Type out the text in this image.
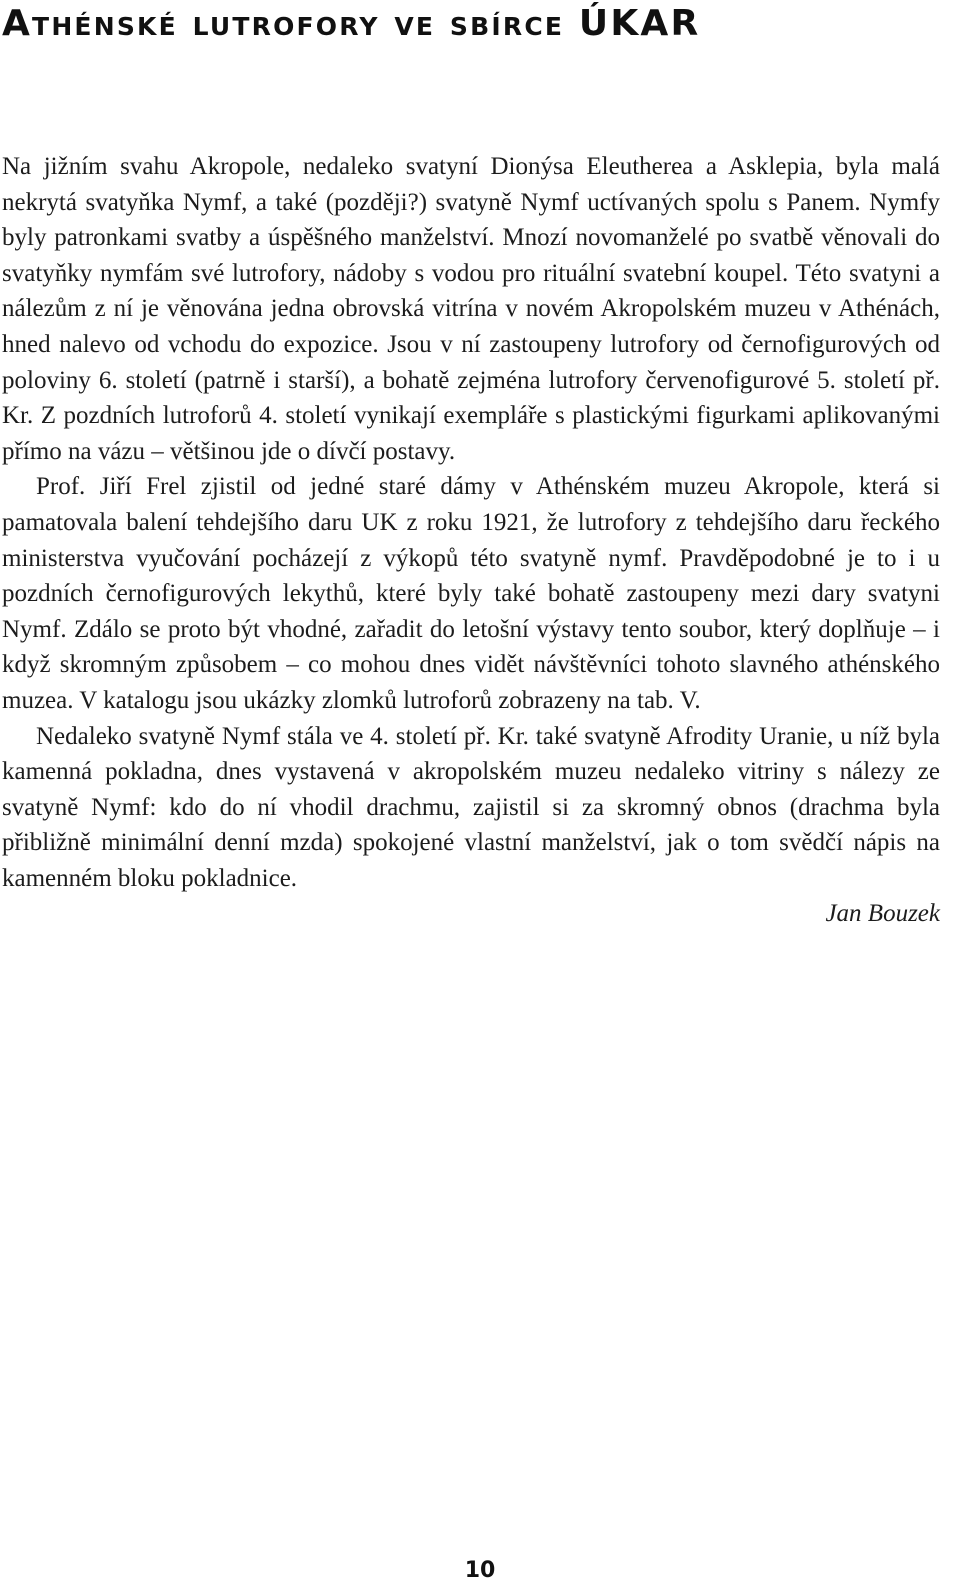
Athénské lutrofory ve sbírce ÚKAR

Na jižním svahu Akropole, nedaleko svatyní Dionýsa Eleutherea a Asklepia, byla malá nekrytá svatyňka Nymf, a také (později?) svatyně Nymf uctívaných spolu s Panem. Nymfy byly patronkami svatby a úspěšného manželství. Mnozí novomanželé po svatbě věnovali do svatyňky nymfám své lutrofory, nádoby s vodou pro rituální svatební koupel. Této svatyni a nálezům z ní je věnována jedna obrovská vitrína v novém Akropolském muzeu v Athénách, hned nalevo od vchodu do expozice. Jsou v ní zastoupeny lutrofory od černofigurových od poloviny 6. století (patrně i starší), a bohatě zejména lutrofory červenofigurové 5. století př. Kr. Z pozdních lutroforů 4. století vynikají exempláře s plastickými figurkami aplikovanými přímo na vázu – většinou jde o dívčí postavy.

Prof. Jiří Frel zjistil od jedné staré dámy v Athénském muzeu Akropole, která si pamatovala balení tehdejšího daru UK z roku 1921, že lutrofory z tehdejšího daru řeckého ministerstva vyučování pocházejí z výkopů této svatyně nymf. Pravděpodobné je to i u pozdních černofigurových lekythů, které byly také bohatě zastoupeny mezi dary svatyni Nymf. Zdálo se proto být vhodné, zařadit do letošní výstavy tento soubor, který doplňuje – i když skromným způsobem – co mohou dnes vidět návštěvníci tohoto slavného athénského muzea. V katalogu jsou ukázky zlomků lutroforů zobrazeny na tab. V.

Nedaleko svatyně Nymf stála ve 4. století př. Kr. také svatyně Afrodity Uranie, u níž byla kamenná pokladna, dnes vystavená v akropolském muzeu nedaleko vitriny s nálezy ze svatyně Nymf: kdo do ní vhodil drachmu, zajistil si za skromný obnos (drachma byla přibližně minimální denní mzda) spokojené vlastní manželství, jak o tom svědčí nápis na kamenném bloku pokladnice.

Jan Bouzek

10
